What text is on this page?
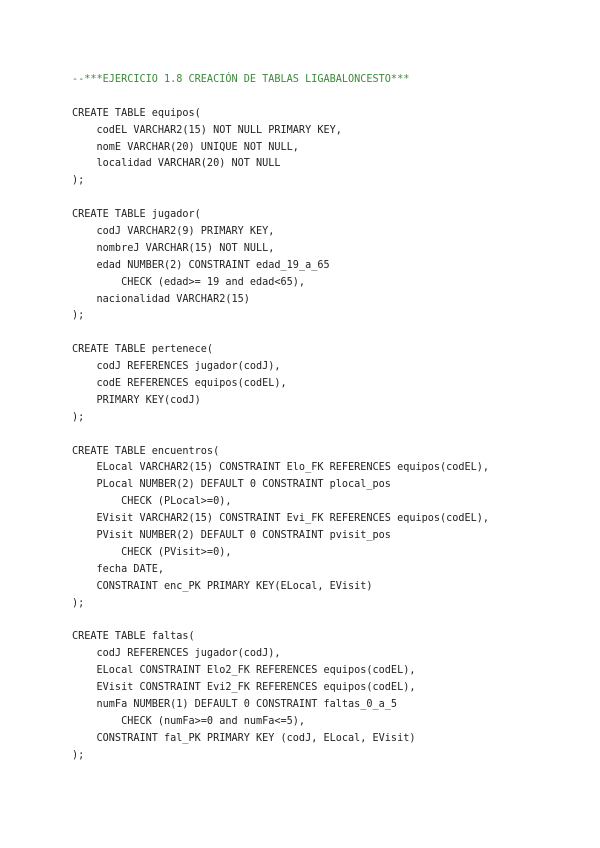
--***EJERCICIO 1.8 CREACIÓN DE TABLAS LIGABALONCESTO***
CREATE TABLE equipos(
codEL VARCHAR2(15) NOT NULL PRIMARY KEY,
nomE VARCHAR(20) UNIQUE NOT NULL,
localidad VARCHAR(20) NOT NULL
);
CREATE TABLE jugador(
codJ VARCHAR2(9) PRIMARY KEY,
nombreJ VARCHAR(15) NOT NULL,
edad NUMBER(2) CONSTRAINT edad_19_a_65
CHECK (edad>= 19 and edad<65),
nacionalidad VARCHAR2(15)
);
CREATE TABLE pertenece(
codJ REFERENCES jugador(codJ),
codE REFERENCES equipos(codEL),
PRIMARY KEY(codJ)
);
CREATE TABLE encuentros(
ELocal VARCHAR2(15) CONSTRAINT Elo_FK REFERENCES equipos(codEL),
PLocal NUMBER(2) DEFAULT 0 CONSTRAINT plocal_pos
CHECK (PLocal>=0),
EVisit VARCHAR2(15) CONSTRAINT Evi_FK REFERENCES equipos(codEL),
PVisit NUMBER(2) DEFAULT 0 CONSTRAINT pvisit_pos
CHECK (PVisit>=0),
fecha DATE,
CONSTRAINT enc_PK PRIMARY KEY(ELocal, EVisit)
);
CREATE TABLE faltas(
codJ REFERENCES jugador(codJ),
ELocal CONSTRAINT Elo2_FK REFERENCES equipos(codEL),
EVisit CONSTRAINT Evi2_FK REFERENCES equipos(codEL),
numFa NUMBER(1) DEFAULT 0 CONSTRAINT faltas_0_a_5
CHECK (numFa>=0 and numFa<=5),
CONSTRAINT fal_PK PRIMARY KEY (codJ, ELocal, EVisit)
);
